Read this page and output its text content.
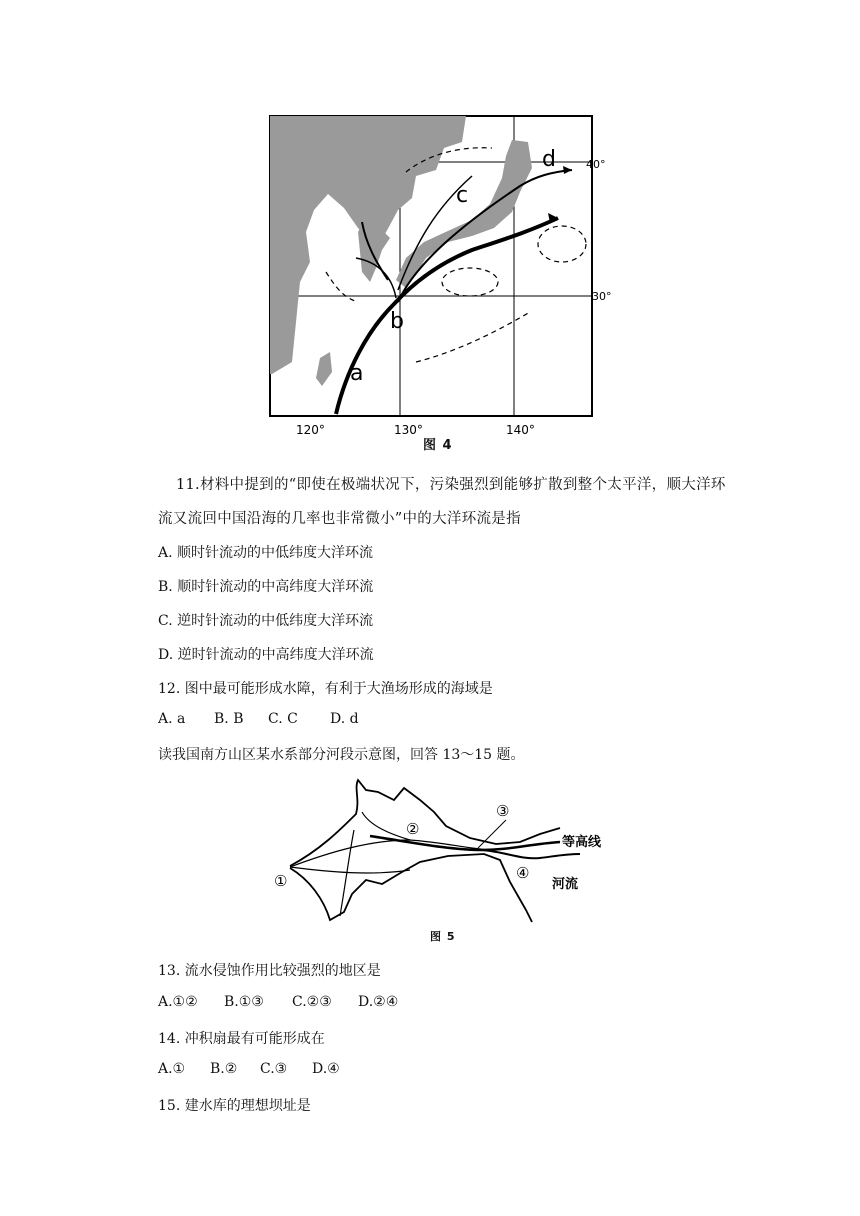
a
b
c
d	40°
30°
120°	130°	140°
图 4
11.材料中提到的“即使在极端状况下，污染强烈到能够扩散到整个太平洋，顺大洋环
流又流回中国沿海的几率也非常微小”中的大洋环流是指
A. 顺时针流动的中低纬度大洋环流
B. 顺时针流动的中高纬度大洋环流
C. 逆时针流动的中低纬度大洋环流
D. 逆时针流动的中高纬度大洋环流
12. 图中最可能形成水障，有利于大渔场形成的海域是
A. a B. B C. C D. d
读我国南方山区某水系部分河段示意图，回答 13～15 题。
①
②
③
④
等高线
河流
图 5
13. 流水侵蚀作用比较强烈的地区是
A.①② B.①③ C.②③ D.②④
14. 冲积扇最有可能形成在
A.① B.② C.③ D.④
15. 建水库的理想坝址是
